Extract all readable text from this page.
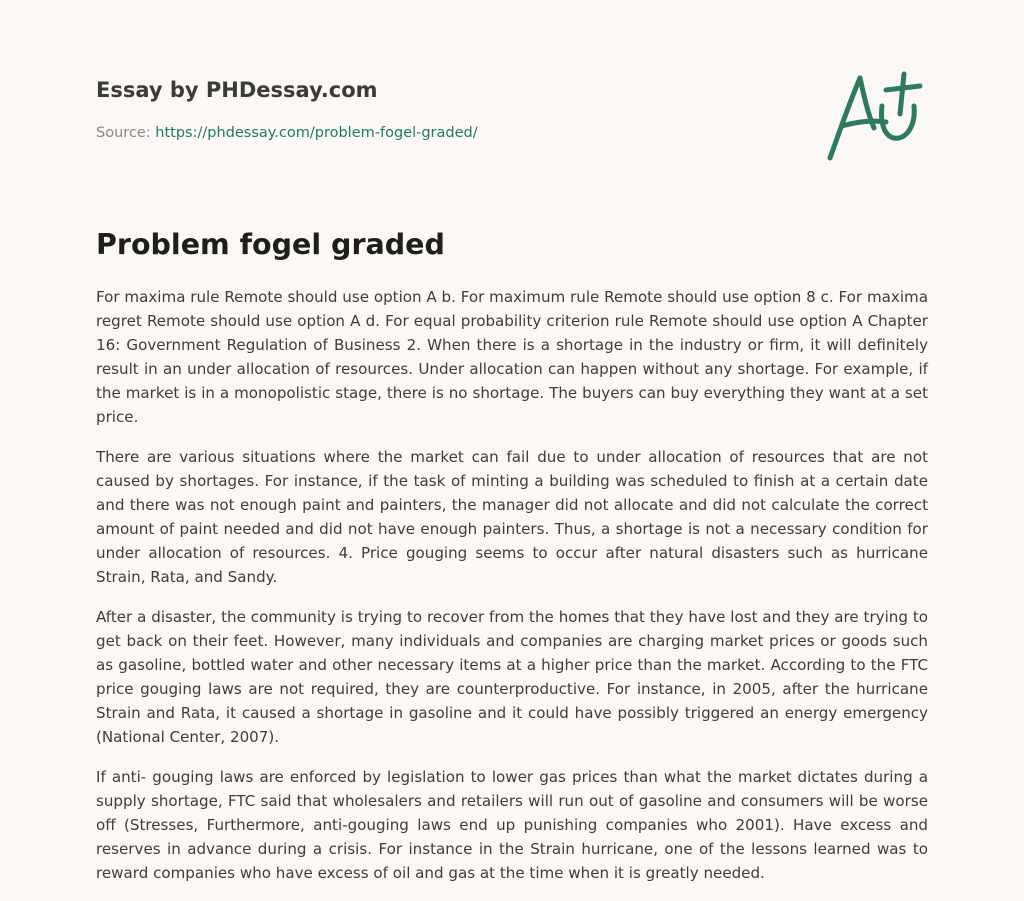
Essay by PHDessay.com

Source: https://phdessay.com/problem-fogel-graded/

Problem fogel graded

For maxima rule Remote should use option A b. For maximum rule Remote should use option 8 c. For maxima regret Remote should use option A d. For equal probability criterion rule Remote should use option A Chapter 16: Government Regulation of Business 2. When there is a shortage in the industry or firm, it will definitely result in an under allocation of resources. Under allocation can happen without any shortage. For example, if the market is in a monopolistic stage, there is no shortage. The buyers can buy everything they want at a set price.

There are various situations where the market can fail due to under allocation of resources that are not caused by shortages. For instance, if the task of minting a building was scheduled to finish at a certain date and there was not enough paint and painters, the manager did not allocate and did not calculate the correct amount of paint needed and did not have enough painters. Thus, a shortage is not a necessary condition for under allocation of resources. 4. Price gouging seems to occur after natural disasters such as hurricane Strain, Rata, and Sandy.

After a disaster, the community is trying to recover from the homes that they have lost and they are trying to get back on their feet. However, many individuals and companies are charging market prices or goods such as gasoline, bottled water and other necessary items at a higher price than the market. According to the FTC price gouging laws are not required, they are counterproductive. For instance, in 2005, after the hurricane Strain and Rata, it caused a shortage in gasoline and it could have possibly triggered an energy emergency (National Center, 2007).

If anti- gouging laws are enforced by legislation to lower gas prices than what the market dictates during a supply shortage, FTC said that wholesalers and retailers will run out of gasoline and consumers will be worse off (Stresses, Furthermore, anti-gouging laws end up punishing companies who 2001). Have excess and reserves in advance during a crisis. For instance in the Strain hurricane, one of the lessons learned was to reward companies who have excess of oil and gas at the time when it is greatly needed.
